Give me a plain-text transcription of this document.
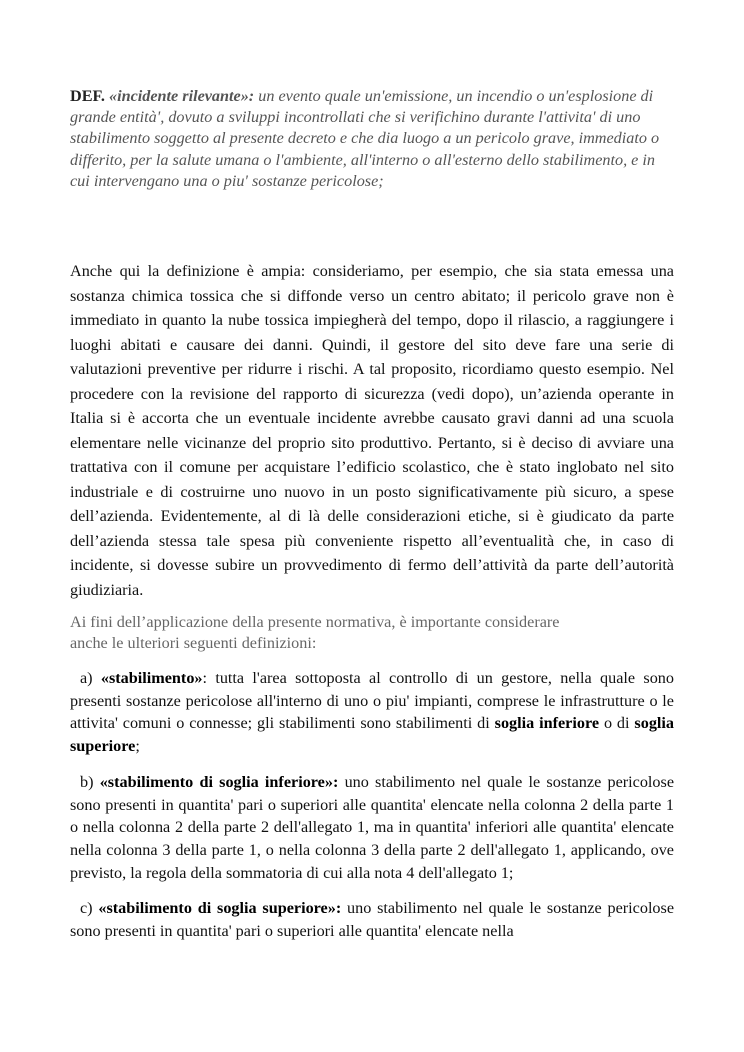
DEF. «incidente rilevante»: un evento quale un'emissione, un incendio o un'esplosione di grande entità', dovuto a sviluppi incontrollati che si verifichino durante l'attivita' di uno stabilimento soggetto al presente decreto e che dia luogo a un pericolo grave, immediato o differito, per la salute umana o l'ambiente, all'interno o all'esterno dello stabilimento, e in cui intervengano una o piu' sostanze pericolose;

Anche qui la definizione è ampia: consideriamo, per esempio, che sia stata emessa una sostanza chimica tossica che si diffonde verso un centro abitato; il pericolo grave non è immediato in quanto la nube tossica impiegherà del tempo, dopo il rilascio, a raggiungere i luoghi abitati e causare dei danni. Quindi, il gestore del sito deve fare una serie di valutazioni preventive per ridurre i rischi. A tal proposito, ricordiamo questo esempio. Nel procedere con la revisione del rapporto di sicurezza (vedi dopo), un’azienda operante in Italia si è accorta che un eventuale incidente avrebbe causato gravi danni ad una scuola elementare nelle vicinanze del proprio sito produttivo. Pertanto, si è deciso di avviare una trattativa con il comune per acquistare l’edificio scolastico, che è stato inglobato nel sito industriale e di costruirne uno nuovo in un posto significativamente più sicuro, a spese dell’azienda. Evidentemente, al di là delle considerazioni etiche, si è giudicato da parte dell’azienda stessa tale spesa più conveniente rispetto all’eventualità che, in caso di incidente, si dovesse subire un provvedimento di fermo dell’attività da parte dell’autorità giudiziaria.

Ai fini dell’applicazione della presente normativa, è importante considerare
anche le ulteriori seguenti definizioni:

a) «stabilimento»: tutta l'area sottoposta al controllo di un gestore, nella quale sono presenti sostanze pericolose all'interno di uno o piu' impianti, comprese le infrastrutture o le attivita' comuni o connesse; gli stabilimenti sono stabilimenti di soglia inferiore o di soglia superiore;

b) «stabilimento di soglia inferiore»: uno stabilimento nel quale le sostanze pericolose sono presenti in quantita' pari o superiori alle quantita' elencate nella colonna 2 della parte 1 o nella colonna 2 della parte 2 dell'allegato 1, ma in quantita' inferiori alle quantita' elencate nella colonna 3 della parte 1, o nella colonna 3 della parte 2 dell'allegato 1, applicando, ove previsto, la regola della sommatoria di cui alla nota 4 dell'allegato 1;

c) «stabilimento di soglia superiore»: uno stabilimento nel quale le sostanze pericolose sono presenti in quantita' pari o superiori alle quantita' elencate nella
